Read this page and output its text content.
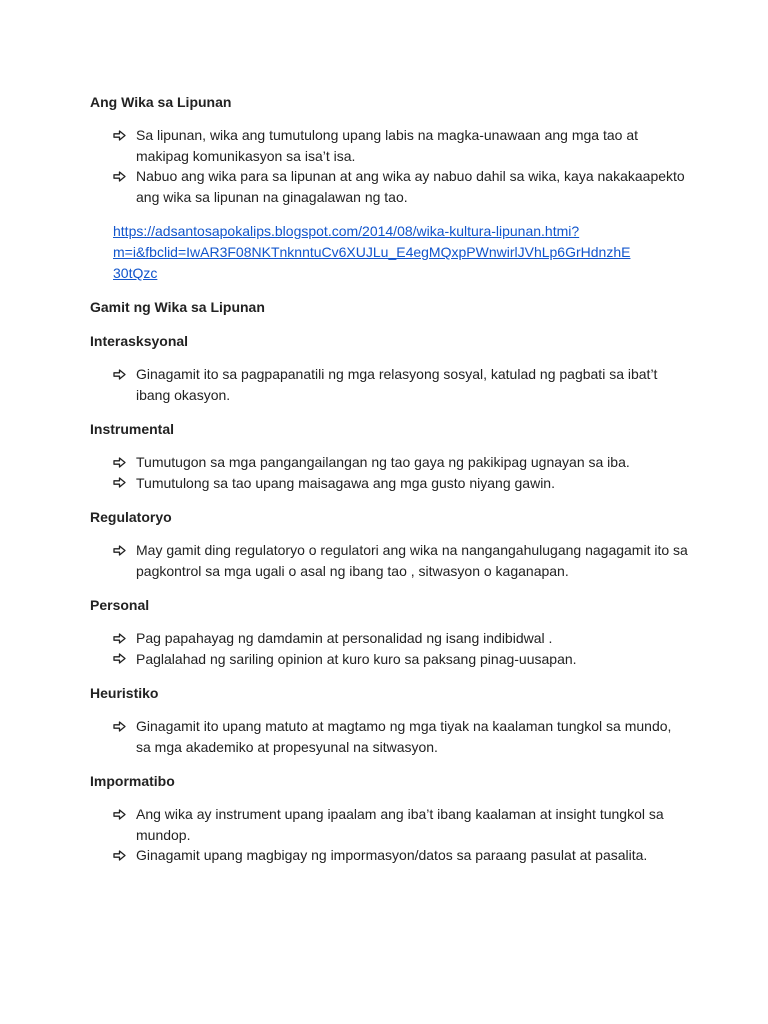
Ang Wika sa Lipunan
Sa lipunan, wika ang tumutulong upang labis na magka-unawaan ang mga tao at makipag komunikasyon sa isa’t isa.
Nabuo ang wika para sa lipunan at ang wika ay nabuo dahil sa wika, kaya nakakaapekto ang wika sa lipunan na ginagalawan ng tao.
https://adsantosapokalips.blogspot.com/2014/08/wika-kultura-lipunan.htmi?
m=i&fbclid=IwAR3F08NKTnknntuCv6XUJLu_E4egMQxpPWnwirlJVhLp6GrHdnzhE
30tQzc
Gamit ng Wika sa Lipunan
Interasksyonal
Ginagamit ito sa pagpapanatili ng mga relasyong sosyal, katulad ng pagbati sa ibat’t ibang okasyon.
Instrumental
Tumutugon sa mga pangangailangan ng tao gaya ng pakikipag ugnayan sa iba.
Tumutulong sa tao upang maisagawa ang mga gusto niyang gawin.
Regulatoryo
May gamit ding regulatoryo o regulatori ang wika na nangangahulugang nagagamit ito sa pagkontrol sa mga ugali o asal ng ibang tao , sitwasyon o kaganapan.
Personal
Pag papahayag ng damdamin at personalidad ng isang indibidwal .
Paglalahad ng sariling opinion at kuro kuro sa paksang pinag-uusapan.
Heuristiko
Ginagamit ito upang matuto at magtamo ng mga tiyak na kaalaman tungkol sa mundo, sa mga akademiko at propesyunal na sitwasyon.
Impormatibo
Ang wika ay instrument upang ipaalam ang iba’t ibang kaalaman at insight tungkol sa mundop.
Ginagamit upang magbigay ng impormasyon/datos sa paraang pasulat at pasalita.
